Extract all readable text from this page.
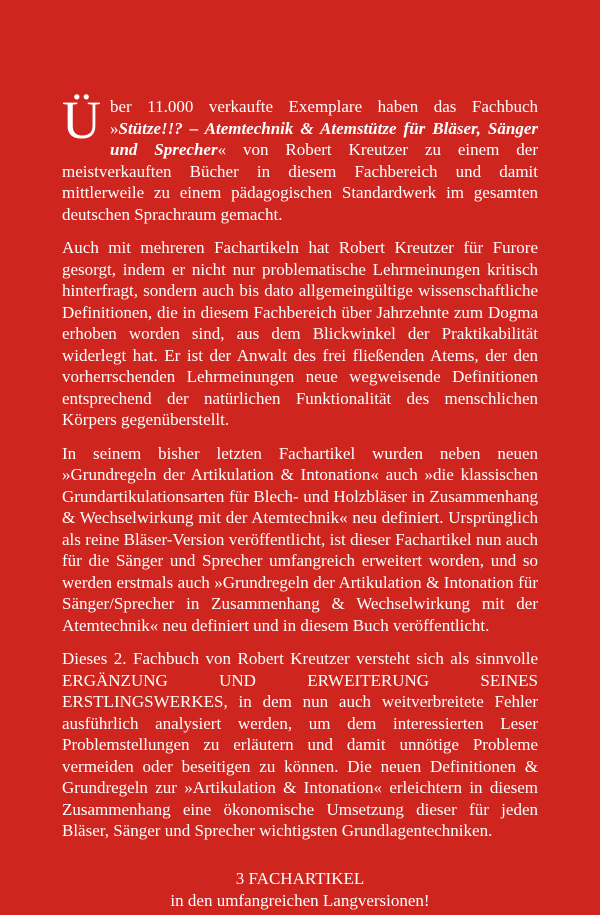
Über 11.000 verkaufte Exemplare haben das Fachbuch »Stütze!!? – Atemtechnik & Atemstütze für Bläser, Sänger und Sprecher« von Robert Kreutzer zu einem der meistverkauften Bücher in diesem Fachbereich und damit mittlerweile zu einem pädagogischen Standardwerk im gesamten deutschen Sprachraum gemacht.

Auch mit mehreren Fachartikeln hat Robert Kreutzer für Furore gesorgt, indem er nicht nur problematische Lehrmeinungen kritisch hinterfragt, sondern auch bis dato allgemeingültige wissenschaftliche Definitionen, die in diesem Fachbereich über Jahrzehnte zum Dogma erhoben worden sind, aus dem Blickwinkel der Praktikabilität widerlegt hat. Er ist der Anwalt des frei fließenden Atems, der den vorherrschenden Lehrmeinungen neue wegweisende Definitionen entsprechend der natürlichen Funktionalität des menschlichen Körpers gegenüberstellt.

In seinem bisher letzten Fachartikel wurden neben neuen »Grundregeln der Artikulation & Intonation« auch »die klassischen Grundartikulationsarten für Blech- und Holzbläser in Zusammenhang & Wechselwirkung mit der Atemtechnik« neu definiert. Ursprünglich als reine Bläser-Version veröffentlicht, ist dieser Fachartikel nun auch für die Sänger und Sprecher umfangreich erweitert worden, und so werden erstmals auch »Grundregeln der Artikulation & Intonation für Sänger/Sprecher in Zusammenhang & Wechselwirkung mit der Atemtechnik« neu definiert und in diesem Buch veröffentlicht.

Dieses 2. Fachbuch von Robert Kreutzer versteht sich als sinnvolle ERGÄNZUNG UND ERWEITERUNG SEINES ERSTLINGSWERKES, in dem nun auch weitverbreitete Fehler ausführlich analysiert werden, um dem interessierten Leser Problemstellungen zu erläutern und damit unnötige Probleme vermeiden oder beseitigen zu können. Die neuen Definitionen & Grundregeln zur »Artikulation & Intonation« erleichtern in diesem Zusammenhang eine ökonomische Umsetzung dieser für jeden Bläser, Sänger und Sprecher wichtigsten Grundlagentechniken.

3 FACHARTIKEL
in den umfangreichen Langversionen!
